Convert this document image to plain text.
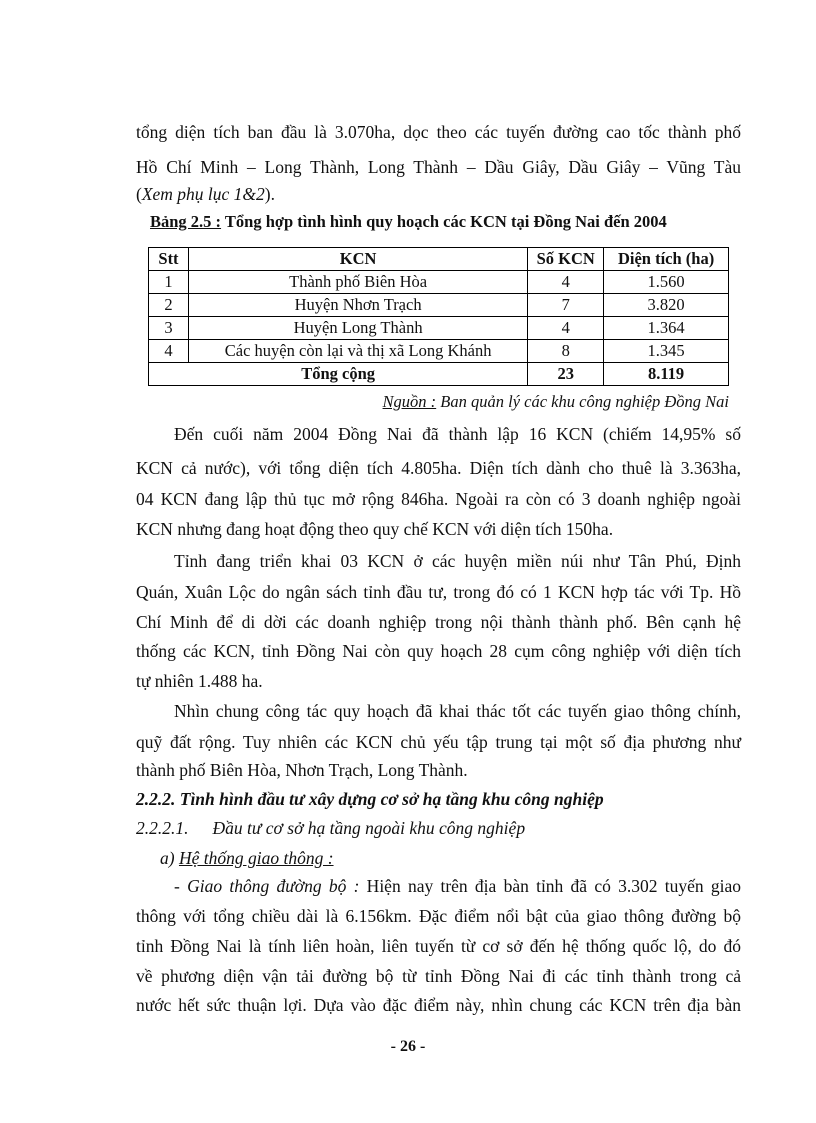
tổng diện tích ban đầu là 3.070ha, dọc theo các tuyến đường cao tốc thành phố
Hồ Chí Minh – Long Thành, Long Thành – Dầu Giây, Dầu Giây – Vũng Tàu
(Xem phụ lục 1&2).
Bảng 2.5 : Tổng hợp tình hình quy hoạch các KCN tại Đồng Nai đến 2004
Stt	KCN	Số KCN	Diện tích (ha)
1	Thành phố Biên Hòa	4	1.560
2	Huyện Nhơn Trạch	7	3.820
3	Huyện Long Thành	4	1.364
4	Các huyện còn lại và thị xã Long Khánh	8	1.345
Tổng cộng		23	8.119
Nguồn : Ban quản lý các khu công nghiệp Đồng Nai
Đến cuối năm 2004 Đồng Nai đã thành lập 16 KCN (chiếm 14,95% số
KCN cả nước), với tổng diện tích 4.805ha. Diện tích dành cho thuê là 3.363ha,
04 KCN đang lập thủ tục mở rộng 846ha. Ngoài ra còn có 3 doanh nghiệp ngoài
KCN nhưng đang hoạt động theo quy chế KCN với diện tích 150ha.
Tỉnh đang triển khai 03 KCN ở các huyện miền núi như Tân Phú, Định
Quán, Xuân Lộc do ngân sách tỉnh đầu tư, trong đó có 1 KCN hợp tác với Tp. Hồ
Chí Minh để di dời các doanh nghiệp trong nội thành thành phố. Bên cạnh hệ
thống các KCN, tỉnh Đồng Nai còn quy hoạch 28 cụm công nghiệp với diện tích
tự nhiên 1.488 ha.
Nhìn chung công tác quy hoạch đã khai thác tốt các tuyến giao thông chính,
quỹ đất rộng. Tuy nhiên các KCN chủ yếu tập trung tại một số địa phương như
thành phố Biên Hòa, Nhơn Trạch, Long Thành.
2.2.2. Tình hình đầu tư xây dựng cơ sở hạ tầng khu công nghiệp
2.2.2.1. Đầu tư cơ sở hạ tầng ngoài khu công nghiệp
a) Hệ thống giao thông :
- Giao thông đường bộ : Hiện nay trên địa bàn tỉnh đã có 3.302 tuyến giao
thông với tổng chiều dài là 6.156km. Đặc điểm nổi bật của giao thông đường bộ
tỉnh Đồng Nai là tính liên hoàn, liên tuyến từ cơ sở đến hệ thống quốc lộ, do đó
về phương diện vận tải đường bộ từ tỉnh Đồng Nai đi các tỉnh thành trong cả
nước hết sức thuận lợi. Dựa vào đặc điểm này, nhìn chung các KCN trên địa bàn
- 26 -
